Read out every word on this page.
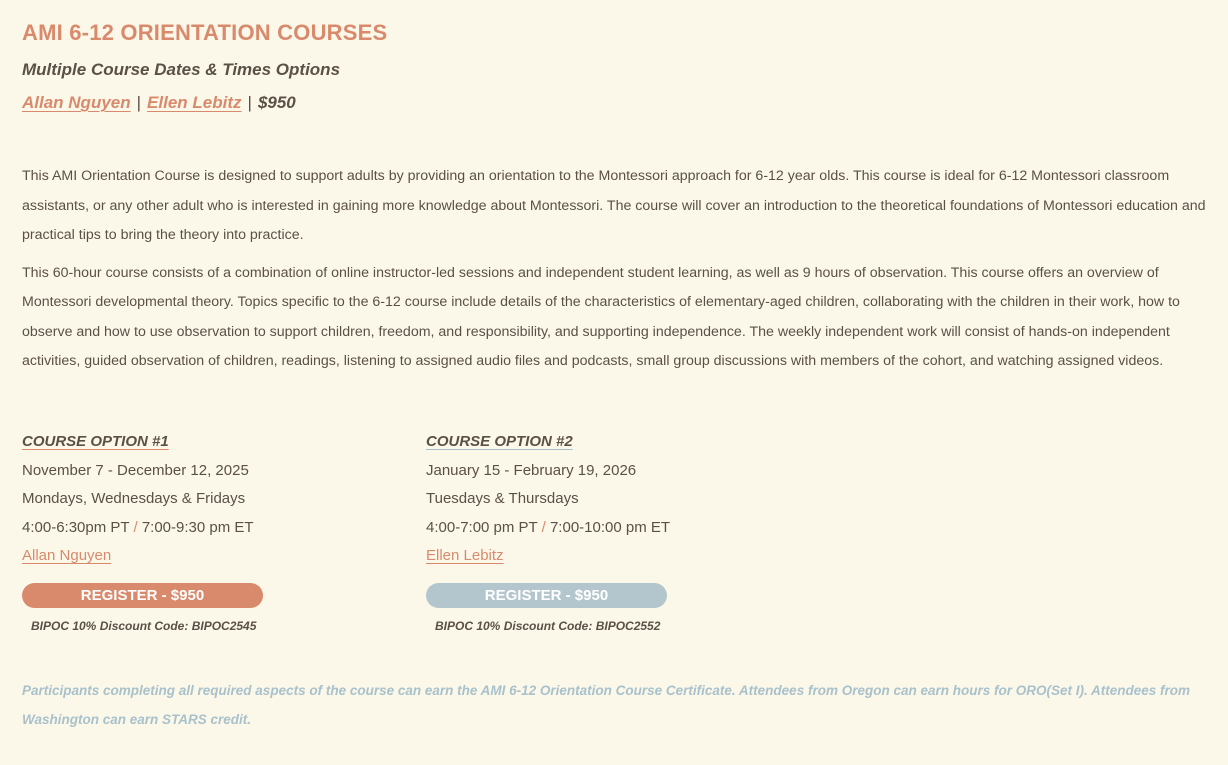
AMI 6-12 ORIENTATION COURSES
Multiple Course Dates & Times Options
Allan Nguyen | Ellen Lebitz | $950

This AMI Orientation Course is designed to support adults by providing an orientation to the Montessori approach for 6-12 year olds. This course is ideal for 6-12 Montessori classroom assistants, or any other adult who is interested in gaining more knowledge about Montessori. The course will cover an introduction to the theoretical foundations of Montessori education and practical tips to bring the theory into practice.

This 60-hour course consists of a combination of online instructor-led sessions and independent student learning, as well as 9 hours of observation. This course offers an overview of Montessori developmental theory. Topics specific to the 6-12 course include details of the characteristics of elementary-aged children, collaborating with the children in their work, how to observe and how to use observation to support children, freedom, and responsibility, and supporting independence. The weekly independent work will consist of hands-on independent activities, guided observation of children, readings, listening to assigned audio files and podcasts, small group discussions with members of the cohort, and watching assigned videos.

COURSE OPTION #1
November 7 - December 12, 2025
Mondays, Wednesdays & Fridays
4:00-6:30pm PT / 7:00-9:30 pm ET
Allan Nguyen
REGISTER - $950
BIPOC 10% Discount Code: BIPOC2545
COURSE OPTION #2
January 15 - February 19, 2026
Tuesdays & Thursdays
4:00-7:00 pm PT / 7:00-10:00 pm ET
Ellen Lebitz
REGISTER - $950
BIPOC 10% Discount Code: BIPOC2552
Participants completing all required aspects of the course can earn the AMI 6-12 Orientation Course Certificate. Attendees from Oregon can earn hours for ORO(Set I). Attendees from Washington can earn STARS credit.
